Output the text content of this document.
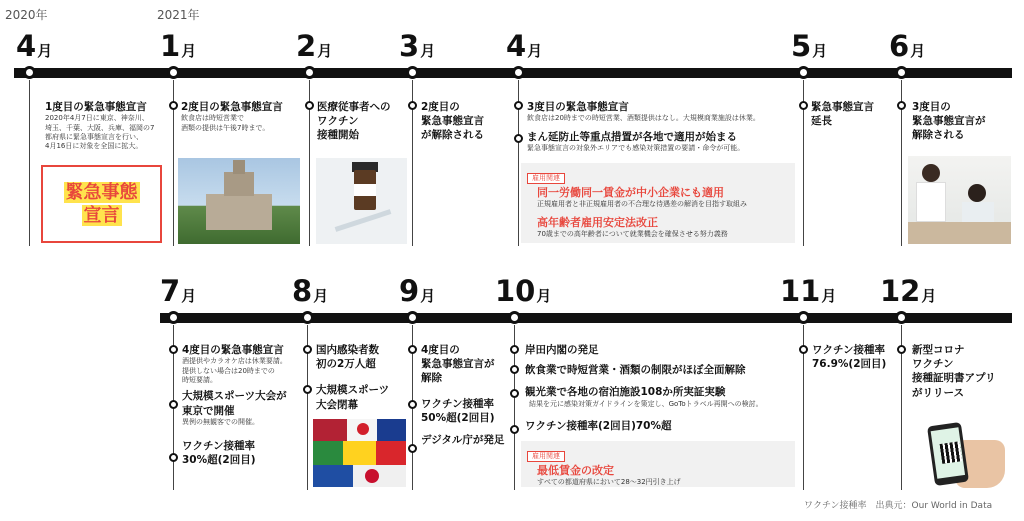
2020年	2021年
4月	1月	2月 3月 4月	5月 6月
1度目の緊急事態宣言
2020年4月7日に東京、神奈川、
埼玉、千葉、大阪、兵庫、福岡の7
都府県に緊急事態宣言を行い、
4月16日に対象を全国に拡大。
緊急事態
宣言
2度目の緊急事態宣言
飲食店は時短営業で
酒類の提供は午後7時まで。
医療従事者への
ワクチン
接種開始
2度目の
緊急事態宣言
が解除される
3度目の緊急事態宣言
飲食店は20時までの時短営業、酒類提供はなし。大規模商業施設は休業。
まん延防止等重点措置が各地で適用が始まる
緊急事態宣言の対象外エリアでも感染対策措置の要請・命令が可能。
雇用関連
同一労働同一賃金が中小企業にも適用
正規雇用者と非正規雇用者の不合理な待遇差の解消を目指す取組み
高年齢者雇用安定法改正
70歳までの高年齢者について就業機会を確保させる努力義務
緊急事態宣言
延長
3度目の
緊急事態宣言が
解除される
7月	8月 9月 10月	11月 12月
4度目の緊急事態宣言
酒提供やカラオケ店は休業要請。
提供しない場合は20時までの
時短要請。
大規模スポーツ大会が
東京で開催
異例の無観客での開催。
ワクチン接種率
30%超(2回目)
国内感染者数
初の2万人超
大規模スポーツ
大会閉幕
4度目の
緊急事態宣言が
解除
ワクチン接種率
50%超(2回目)
デジタル庁が発足
岸田内閣の発足
飲食業で時短営業・酒類の制限がほぼ全面解除
観光業で各地の宿泊施設108か所実証実験
結果を元に感染対策ガイドラインを策定し、GoToトラベル再開への検討。
ワクチン接種率(2回目)70%超
雇用関連
最低賃金の改定
すべての都道府県において28～32円引き上げ
ワクチン接種率
76.9%(2回目)
新型コロナ
ワクチン
接種証明書アプリ
がリリース
ワクチン接種率　出典元：Our World in Data
